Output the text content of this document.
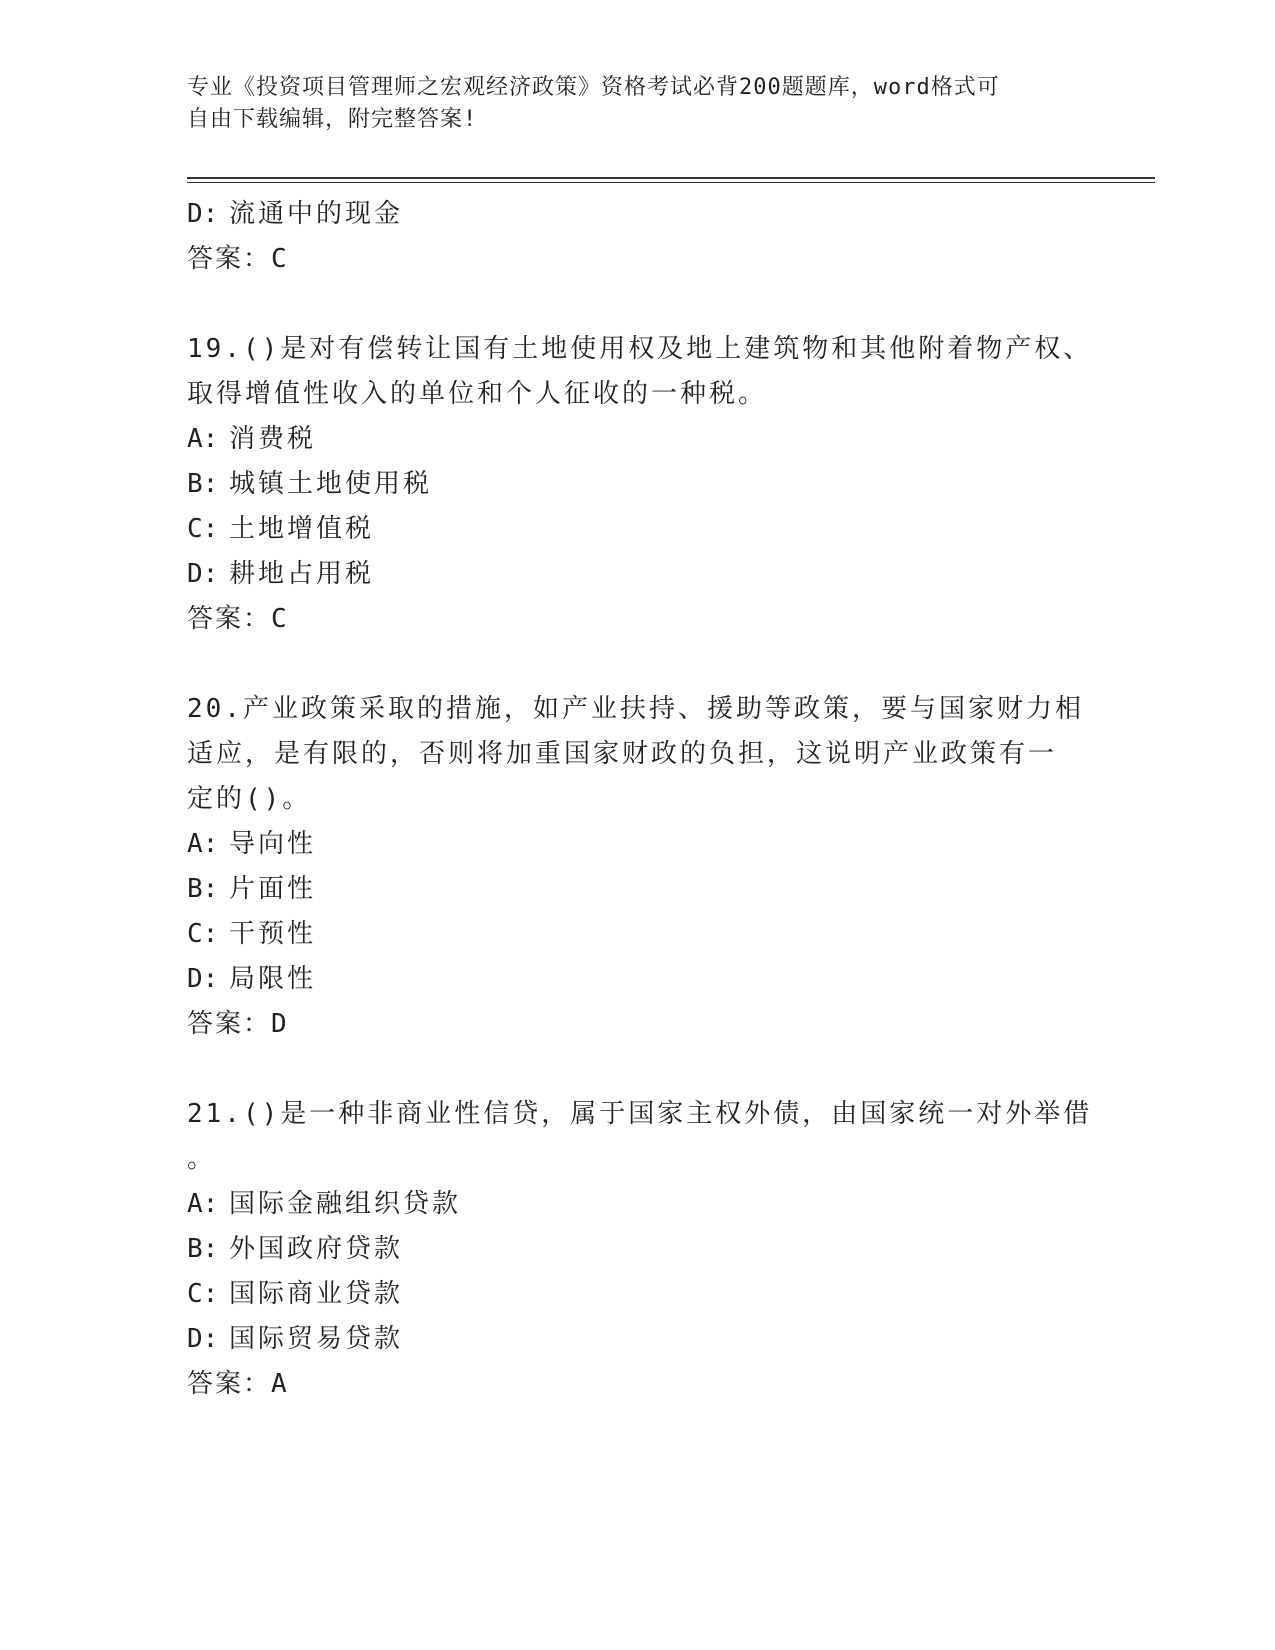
专业《投资项目管理师之宏观经济政策》资格考试必背200题题库，word格式可
自由下载编辑，附完整答案!
D: 流通中的现金
答案：C
19.()是对有偿转让国有土地使用权及地上建筑物和其他附着物产权、
取得增值性收入的单位和个人征收的一种税。
A: 消费税
B: 城镇土地使用税
C: 土地增值税
D: 耕地占用税
答案：C
20.产业政策采取的措施，如产业扶持、援助等政策，要与国家财力相
适应，是有限的，否则将加重国家财政的负担，这说明产业政策有一
定的()。
A: 导向性
B: 片面性
C: 干预性
D: 局限性
答案：D
21.()是一种非商业性信贷，属于国家主权外债，由国家统一对外举借
。
A: 国际金融组织贷款
B: 外国政府贷款
C: 国际商业贷款
D: 国际贸易贷款
答案：A
